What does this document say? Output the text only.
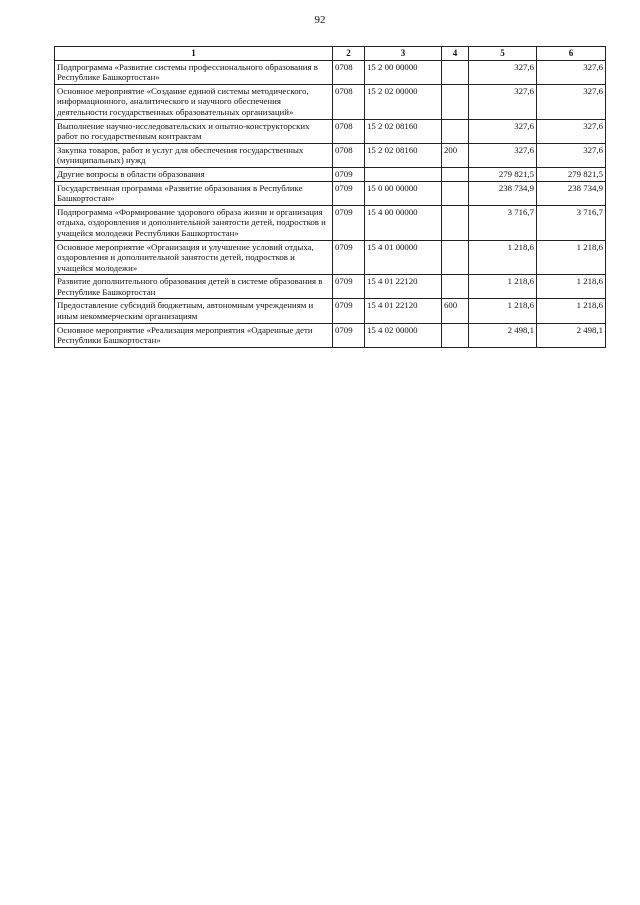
92
1	2	3	4	5	6
Подпрограмма «Развитие системы профессионального образования в Республике Башкортостан»	0708	15 2 00 00000		327,6	327,6
Основное мероприятие «Создание единой системы методического, информационного, аналитического и научного обеспечения деятельности государственных образовательных организаций»	0708	15 2 02 00000		327,6	327,6
Выполнение научно-исследовательских и опытно-конструкторских работ по государственным контрактам	0708	15 2 02 08160		327,6	327,6
Закупка товаров, работ и услуг для обеспечения государственных (муниципальных) нужд	0708	15 2 02 08160	200	327,6	327,6
Другие вопросы в области образования	0709			279 821,5	279 821,5
Государственная программа «Развитие образования в Республике Башкортостан»	0709	15 0 00 00000		238 734,9	238 734,9
Подпрограмма «Формирование здорового образа жизни и организация отдыха, оздоровления и дополнительной занятости детей, подростков и учащейся молодежи Республики Башкортостан»	0709	15 4 00 00000		3 716,7	3 716,7
Основное мероприятие «Организация и улучшение условий отдыха, оздоровления и дополнительной занятости детей, подростков и учащейся молодежи»	0709	15 4 01 00000		1 218,6	1 218,6
Развитие дополнительного образования детей в системе образования в Республике Башкортостан	0709	15 4 01 22120		1 218,6	1 218,6
Предоставление субсидий бюджетным, автономным учреждениям и иным некоммерческим организациям	0709	15 4 01 22120	600	1 218,6	1 218,6
Основное мероприятие «Реализация мероприятия «Одаренные дети Республики Башкортостан»	0709	15 4 02 00000		2 498,1	2 498,1
